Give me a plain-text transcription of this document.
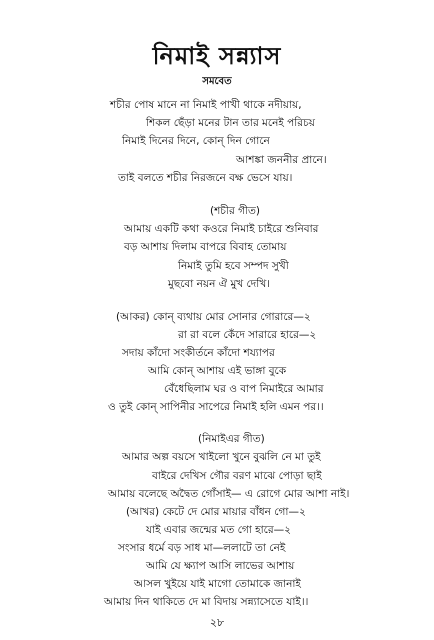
নিমাই সন্ন্যাস
সমবেত
শচীর পোষ মানে না নিমাই পাখী থাকে নদীয়ায়,
শিকল ছেঁড়া মনের টান তার মনেই পরিচয়
নিমাই দিনের দিনে, কোন্‌ দিন গোনে
আশঙ্কা জননীর প্রানে।
তাই বলতে শচীর নিরজনে বক্ষ ভেসে যায়।
(শচীর গীত)
আমায় একটি কথা কওরে নিমাই চাইরে শুনিবার
বড় আশায় দিলাম বাপরে বিবাহ তোমায়
নিমাই তুমি হবে সম্পদ সুখী
মুছবো নয়ন ঐ মুখ দেখি।
(আকর) কোন্‌ ব্যথায় মোর সোনার গোরারে—২
রা রা বলে কেঁদে সারারে হারে—২
সদায় কাঁদো সংকীর্তনে কাঁদো শয্যাপর
আমি কোন্‌ আশায় এই ভাঙ্গা বুকে
বেঁধেছিলাম ঘর ও বাপ নিমাইরে আমার
ও তুই কোন্‌ সাপিনীর সাপেরে নিমাই হলি এমন পর।।
(নিমাইএর গীত)
আমার অল্প বয়সে খাইলো খুনে বুঝলি নে মা তুই
বাইরে দেখিস গৌর বরণ মাঝে পোড়া ছাই
আমায় বলেছে অদ্বৈত গোঁসাই— এ রোগে মোর আশা নাই।
(আখর) কেটে দে মোর মায়ার বাঁধন গো—২
যাই এবার জন্মের মত গো হারে—২
সংসার ধর্মে বড় সাধ মা—ললাটে তা নেই
আমি যে ক্ষ্যাপ আসি লাভের আশায়
আসল খুইয়ে যাই মাগো তোমাকে জানাই
আমায় দিন থাকিতে দে মা বিদায় সন্ন্যাসেতে যাই।।
২৮
